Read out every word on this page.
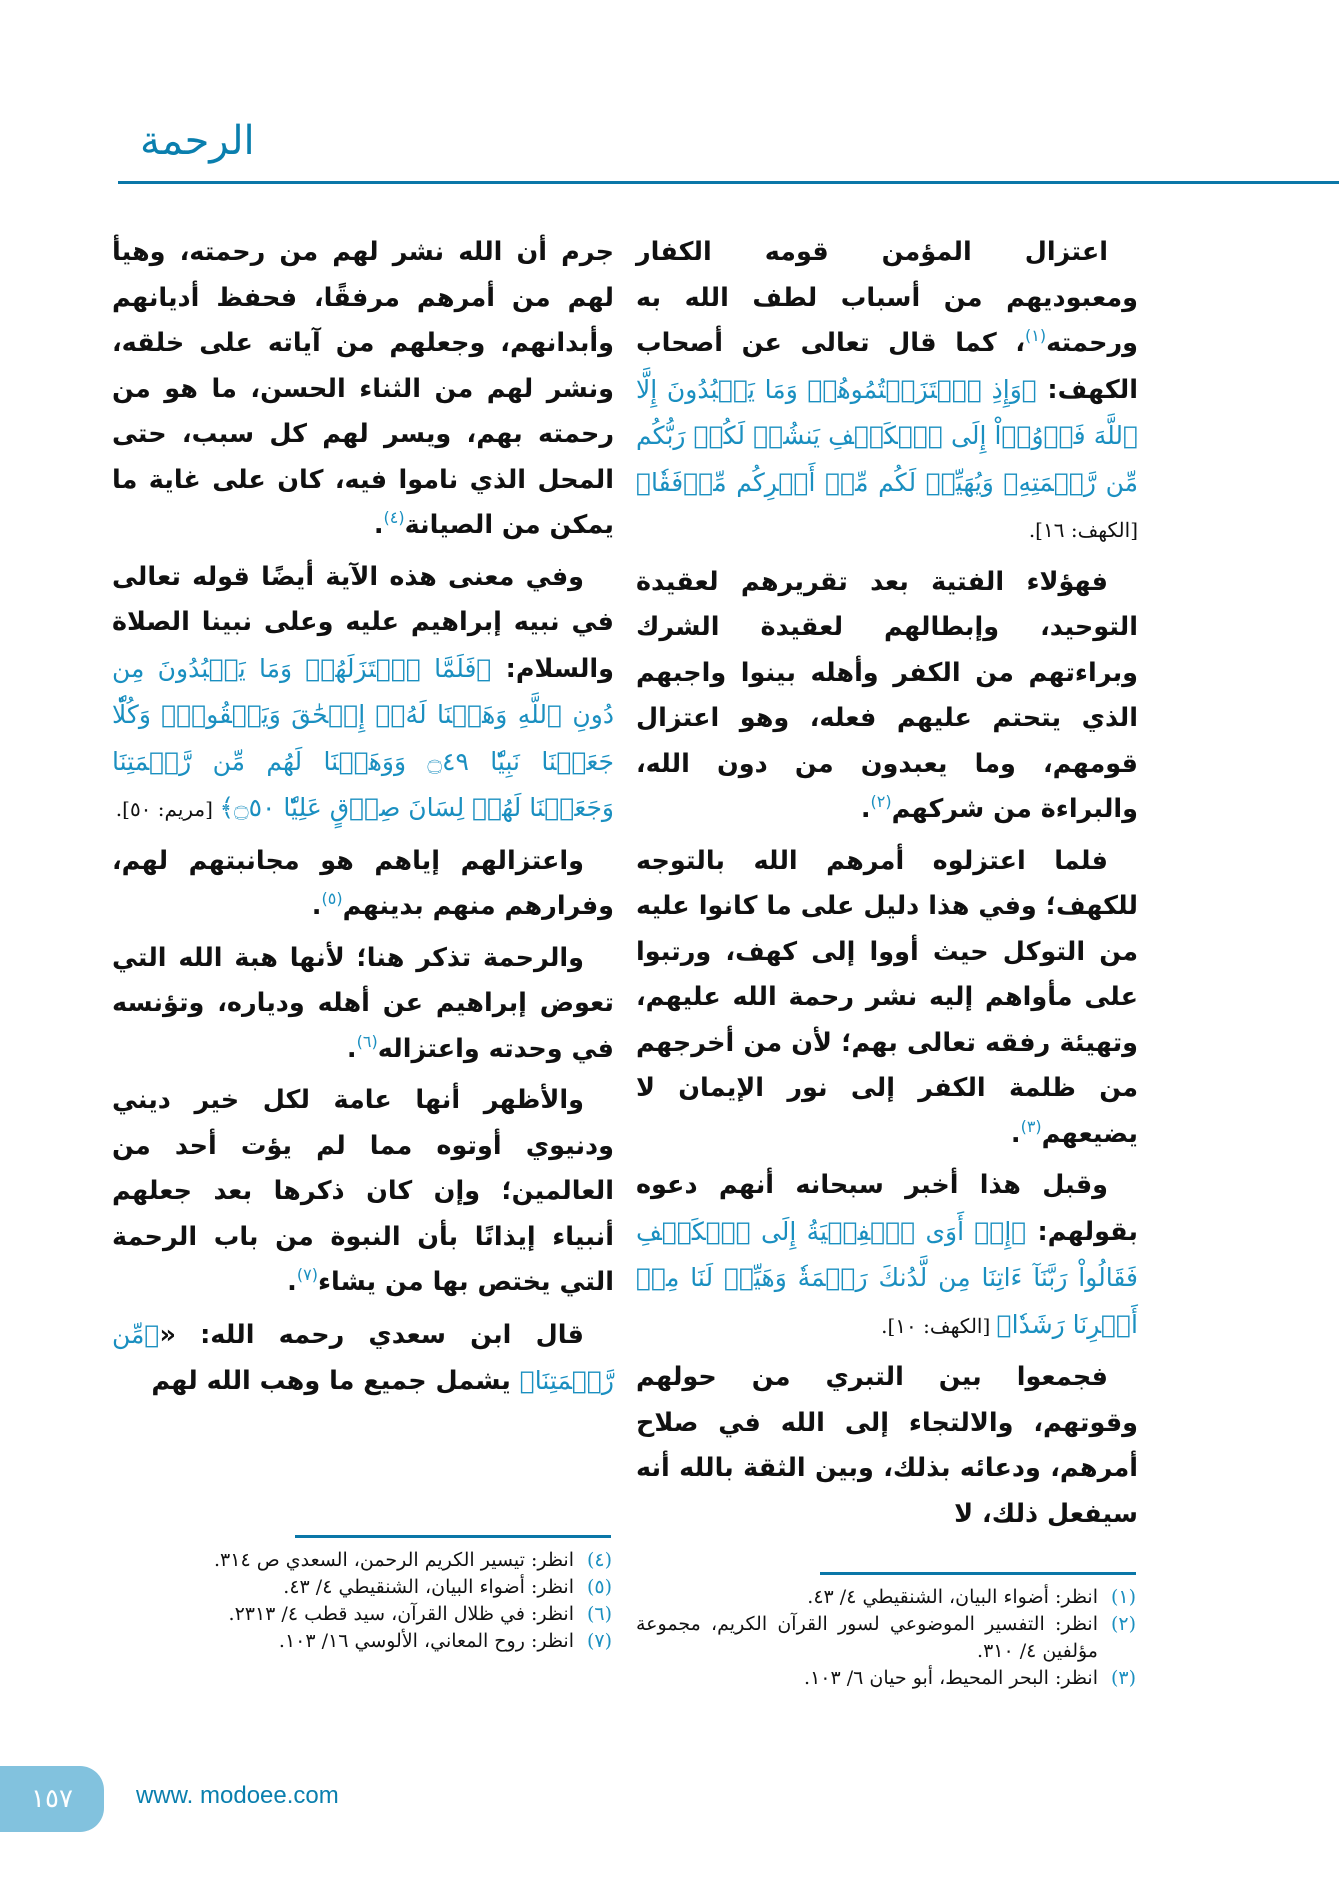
الرحمة

اعتزال المؤمن قومه الكفار ومعبوديهم من أسباب لطف الله به ورحمته$^{(١)}$، كما قال تعالى عن أصحاب الكهف: ﴿وَإِذِ ٱعۡتَزَلۡتُمُوهُمۡ وَمَا يَعۡبُدُونَ إِلَّا ٱللَّهَ فَأۡوُۥٓاْ إِلَى ٱلۡكَهۡفِ يَنشُرۡ لَكُمۡ رَبُّكُم مِّن رَّحۡمَتِهِۦ وَيُهَيِّئۡ لَكُم مِّنۡ أَمۡرِكُم مِّرۡفَقٗا﴾ [الكهف: ١٦].

فهؤلاء الفتية بعد تقريرهم لعقيدة التوحيد، وإبطالهم لعقيدة الشرك وبراءتهم من الكفر وأهله بينوا واجبهم الذي يتحتم عليهم فعله، وهو اعتزال قومهم، وما يعبدون من دون الله، والبراءة من شركهم$^{(٢)}$.

فلما اعتزلوه أمرهم الله بالتوجه للكهف؛ وفي هذا دليل على ما كانوا عليه من التوكل حيث أووا إلى كهف، ورتبوا على مأواهم إليه نشر رحمة الله عليهم، وتهيئة رفقه تعالى بهم؛ لأن من أخرجهم من ظلمة الكفر إلى نور الإيمان لا يضيعهم$^{(٣)}$.

وقبل هذا أخبر سبحانه أنهم دعوه بقولهم: ﴿إِذۡ أَوَى ٱلۡفِتۡيَةُ إِلَى ٱلۡكَهۡفِ فَقَالُواْ رَبَّنَآ ءَاتِنَا مِن لَّدُنكَ رَحۡمَةٗ وَهَيِّئۡ لَنَا مِنۡ أَمۡرِنَا رَشَدٗا﴾ [الكهف: ١٠].

فجمعوا بين التبري من حولهم وقوتهم، والالتجاء إلى الله في صلاح أمرهم، ودعائه بذلك، وبين الثقة بالله أنه سيفعل ذلك، لا

(١)
انظر: أضواء البيان، الشنقيطي ٤/ ٤٣.
(٢)
انظر: التفسير الموضوعي لسور القرآن الكريم، مجموعة مؤلفين ٤/ ٣١٠.
(٣)
انظر: البحر المحيط، أبو حيان ٦/ ١٠٣.

جرم أن الله نشر لهم من رحمته، وهيأ لهم من أمرهم مرفقًا، فحفظ أديانهم وأبدانهم، وجعلهم من آياته على خلقه، ونشر لهم من الثناء الحسن، ما هو من رحمته بهم، ويسر لهم كل سبب، حتى المحل الذي ناموا فيه، كان على غاية ما يمكن من الصيانة$^{(٤)}$.

وفي معنى هذه الآية أيضًا قوله تعالى في نبيه إبراهيم عليه وعلى نبينا الصلاة والسلام: ﴿فَلَمَّا ٱعۡتَزَلَهُمۡ وَمَا يَعۡبُدُونَ مِن دُونِ ٱللَّهِ وَهَبۡنَا لَهُۥٓ إِسۡحَٰقَ وَيَعۡقُوبَۖ وَكُلّٗا جَعَلۡنَا نَبِيّٗا ۝٤٩ وَوَهَبۡنَا لَهُم مِّن رَّحۡمَتِنَا وَجَعَلۡنَا لَهُمۡ لِسَانَ صِدۡقٍ عَلِيّٗا ۝٥٠﴾ [مريم: ٥٠].

واعتزالهم إياهم هو مجانبتهم لهم، وفرارهم منهم بدينهم$^{(٥)}$.

والرحمة تذكر هنا؛ لأنها هبة الله التي تعوض إبراهيم عن أهله ودياره، وتؤنسه في وحدته واعتزاله$^{(٦)}$.

والأظهر أنها عامة لكل خير ديني ودنيوي أوتوه مما لم يؤت أحد من العالمين؛ وإن كان ذكرها بعد جعلهم أنبياء إيذانًا بأن النبوة من باب الرحمة التي يختص بها من يشاء$^{(٧)}$.

قال ابن سعدي رحمه الله: «﴿مِّن رَّحۡمَتِنَا﴾ يشمل جميع ما وهب الله لهم

(٤)
انظر: تيسير الكريم الرحمن، السعدي ص ٣١٤.
(٥)
انظر: أضواء البيان، الشنقيطي ٤/ ٤٣.
(٦)
انظر: في ظلال القرآن، سيد قطب ٤/ ٢٣١٣.
(٧)
انظر: روح المعاني، الألوسي ١٦/ ١٠٣.
١٥٧	www. modoee.com
